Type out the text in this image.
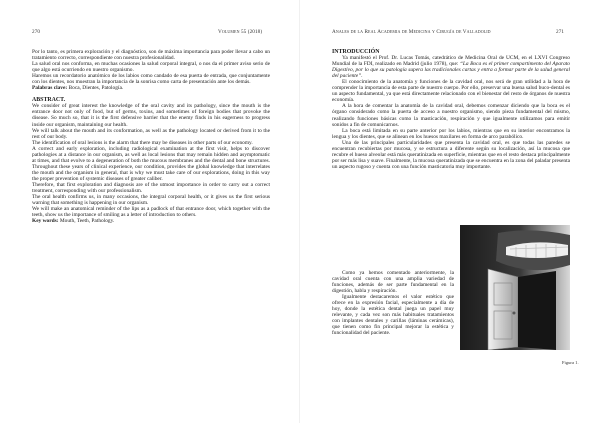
270	Volumen 55 (2018)

Por lo tanto, es primera exploración y el diagnóstico, son de máxima importancia para poder llevar a cabo un tratamiento correcto, correspondiente con nuestra profesionalidad.

La salud oral nos conforma, en muchas ocasiones la salud corporal integral, o nos da el primer aviso serio de que algo está ocurriendo en nuestro organismo.

Haremos un recordatorio anatómico de los labios como candado de esa puerta de entrada, que conjuntamente con los dientes, nos muestran la importancia de la sonrisa como carta de presentación ante los demás.

Palabras clave: Boca, Dientes, Patología.

ABSTRACT.

We consider of great interest the knowledge of the oral cavity and its pathology, since the mouth is the entrance door not only of food, but of germs, toxins, and sometimes of foreign bodies that provoke the disease. So much so, that it is the first defensive barrier that the enemy finds in his eagerness to progress inside our organism, maintaining our health.

We will talk about the mouth and its conformation, as well as the pathology located or derived from it to the rest of our body.

The identification of oral lesions is the alarm that there may be diseases in other parts of our economy.

A correct and early exploration, including radiological examination at the first visit, helps to discover pathologies at a distance in our organism, as well as local lesions that may remain hidden and asymptomatic at times, and that evolve to a degeneration of both the mucous membranes and the dental and bone structures. Throughout these years of clinical experience, our condition, provides the global knowledge that interrelates the mouth and the organism in general, that is why we must take care of our explorations, doing in this way the proper prevention of systemic diseases of greater caliber.

Therefore, that first exploration and diagnosis are of the utmost importance in order to carry out a correct treatment, corresponding with our professionalism.

The oral health confirms us, in many occasions, the integral corporal health, or it gives us the first serious warning that something is happening in our organism.

We will make an anatomical reminder of the lips as a padlock of that entrance door, which together with the teeth, show us the importance of smiling as a letter of introduction to others.

Key words: Mouth, Teeth, Pathology.

Anales de la Real Academia de Medicina y Cirugía de Valladolid	271

INTRODUCCIÓN

Ya manifestó el Prof. Dr. Lucas Tomás, catedrático de Medicina Oral de UCM, en el LXVI Congreso Mundial de la FDI, realizado en Madrid (julio 1978), que: “La Boca es el primer compartimento del Aparato Digestivo, por lo que su patología supera las tradicionales cartas y entra a formar parte de la salud general del paciente”.

El conocimiento de la anatomía y funciones de la cavidad oral, nos será de gran utilidad a la hora de comprender la importancia de esta parte de nuestro cuerpo. Por ello, preservar una buena salud buco-dental es un aspecto fundamental, ya que está directamente relacionado con el bienestar del resto de órganos de nuestra economía.

A la hora de comentar la anatomía de la cavidad oral, debemos comenzar diciendo que la boca es el órgano considerado como la puerta de acceso a nuestro organismo, siendo pieza fundamental del mismo, realizando funciones básicas como la masticación, respiración y que igualmente utilizamos para emitir sonidos a fin de comunicarnos.

La boca está limitada en su parte anterior por los labios, mientras que en su interior encontramos la lengua y los dientes, que se alinean en los huesos maxilares en forma de arco parabólico.

Una de las principales particularidades que presenta la cavidad oral, es que todas las paredes se encuentran recubiertas por mucosa, y se estructura a diferente según su localización, así la mucosa que recubre el hueso alveolar está más queratinizada en superficie, mientras que en el resto destaca principalmente por ser más lisa y suave. Finalmente, la mucosa queratinizada que se encuentra en la zona del paladar presenta un aspecto rugoso y cuenta con una función masticatoria muy importante.

Como ya hemos comentado anteriormente, la cavidad oral cuenta con una amplia variedad de funciones, además de ser parte fundamental en la digestión, habla y respiración.

Igualmente destacaremos el valor estético que ofrece en la expresión facial, especialmente a día de hoy, donde la estética dental juega un papel muy relevante, y cada vez son más habituales tratamientos con implantes dentales y carillas (láminas cerámicas), que tienen como fin principal mejorar la estética y funcionalidad del paciente.

Figura 1.
